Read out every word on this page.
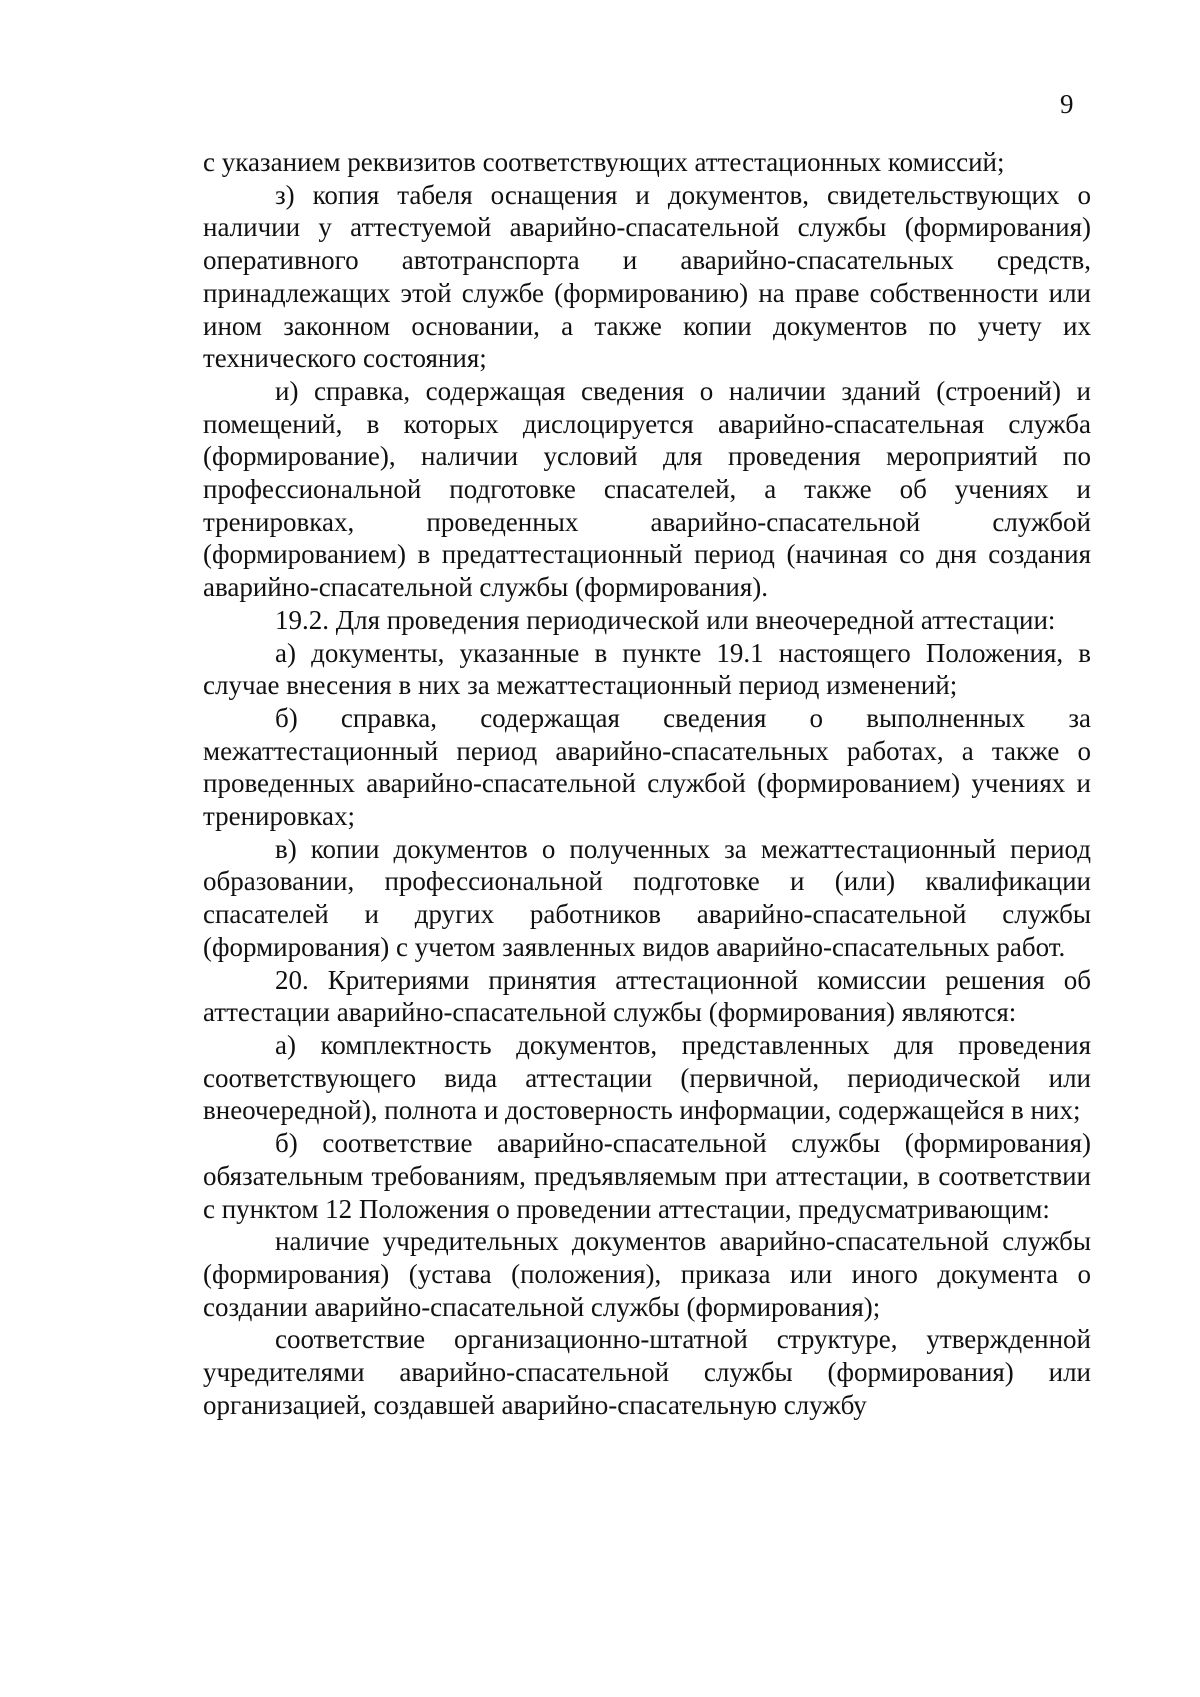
9

с указанием реквизитов соответствующих аттестационных комиссий;

з) копия табеля оснащения и документов, свидетельствующих о наличии у аттестуемой аварийно-спасательной службы (формирования) оперативного автотранспорта и аварийно-спасательных средств, принадлежащих этой службе (формированию) на праве собственности или ином законном основании, а также копии документов по учету их технического состояния;

и) справка, содержащая сведения о наличии зданий (строений) и помещений, в которых дислоцируется аварийно-спасательная служба (формирование), наличии условий для проведения мероприятий по профессиональной подготовке спасателей, а также об учениях и тренировках, проведенных аварийно-спасательной службой (формированием) в предаттестационный период (начиная со дня создания аварийно-спасательной службы (формирования).

19.2. Для проведения периодической или внеочередной аттестации:

а) документы, указанные в пункте 19.1 настоящего Положения, в случае внесения в них за межаттестационный период изменений;

б) справка, содержащая сведения о выполненных за межаттестационный период аварийно-спасательных работах, а также о проведенных аварийно-спасательной службой (формированием) учениях и тренировках;

в) копии документов о полученных за межаттестационный период образовании, профессиональной подготовке и (или) квалификации спасателей и других работников аварийно-спасательной службы (формирования) с учетом заявленных видов аварийно-спасательных работ.

20. Критериями принятия аттестационной комиссии решения об аттестации аварийно-спасательной службы (формирования) являются:

а) комплектность документов, представленных для проведения соответствующего вида аттестации (первичной, периодической или внеочередной), полнота и достоверность информации, содержащейся в них;

б) соответствие аварийно-спасательной службы (формирования) обязательным требованиям, предъявляемым при аттестации, в соответствии с пунктом 12 Положения о проведении аттестации, предусматривающим:

наличие учредительных документов аварийно-спасательной службы (формирования) (устава (положения), приказа или иного документа о создании аварийно-спасательной службы (формирования);

соответствие организационно-штатной структуре, утвержденной учредителями аварийно-спасательной службы (формирования) или организацией, создавшей аварийно-спасательную службу
